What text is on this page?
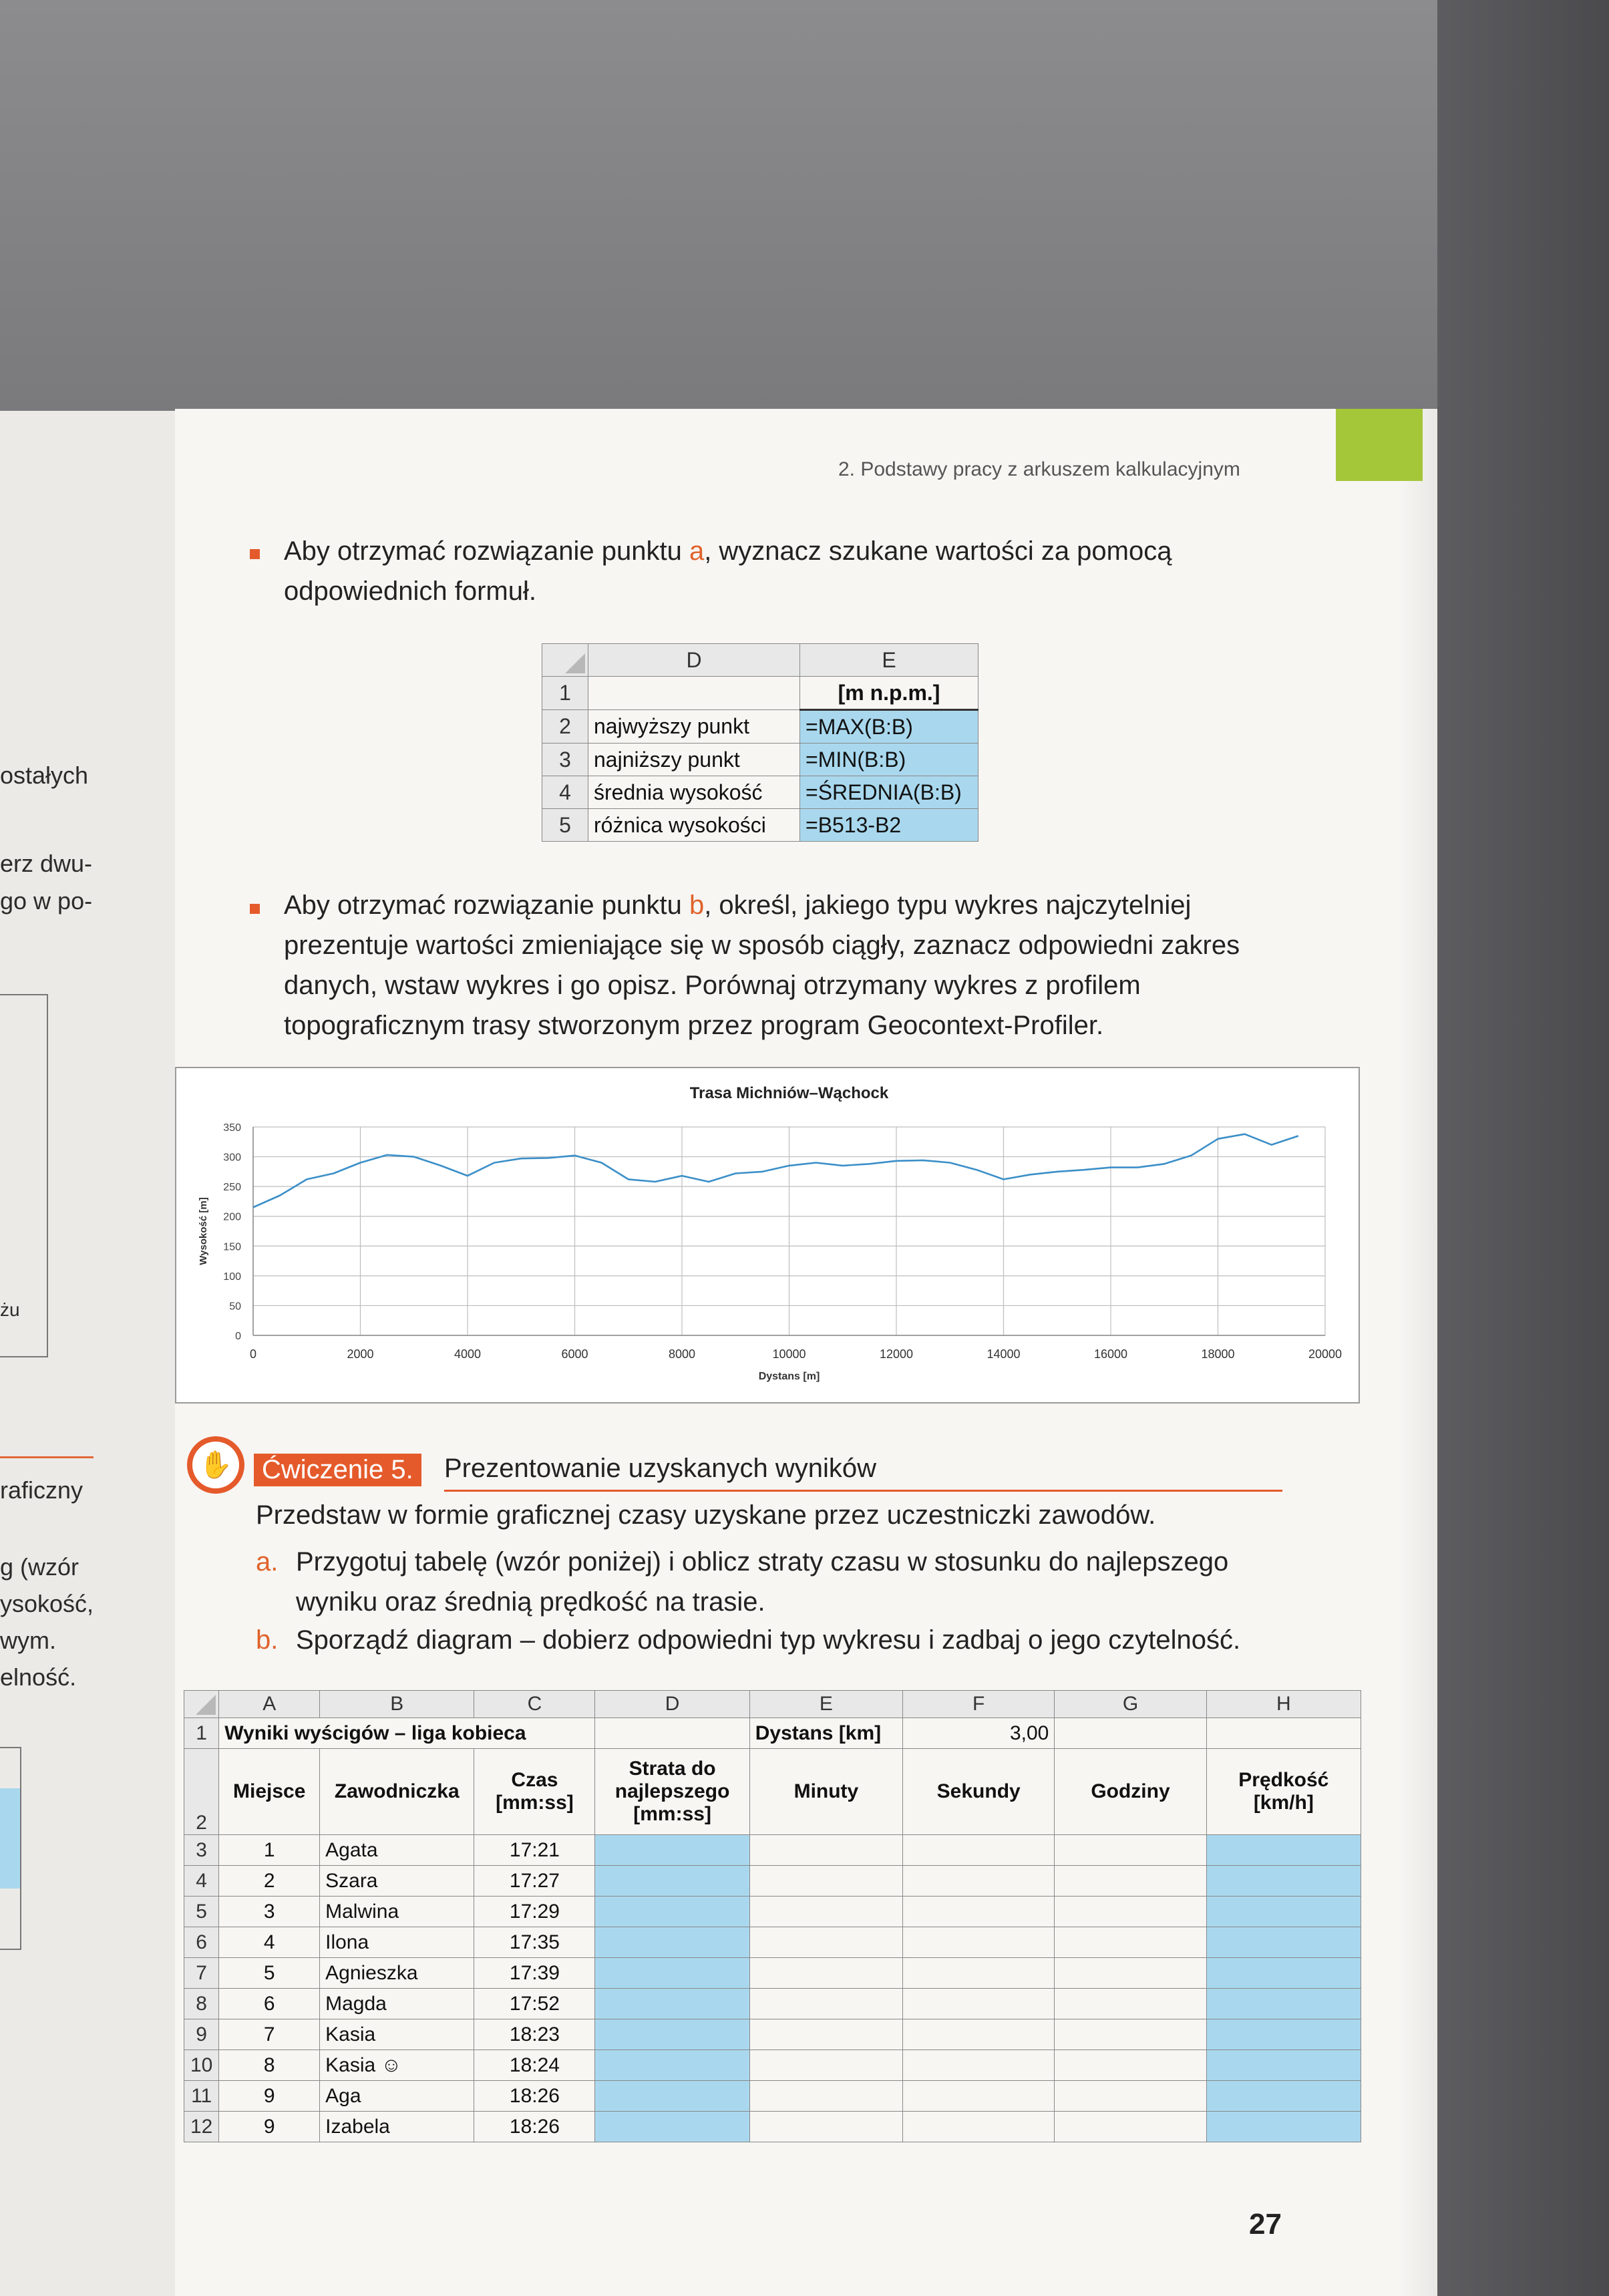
ostałych
erz dwu-
go w po-
żu
raficzny
g (wzór
ysokość,
wym.
elność.
2. Podstawy pracy z arkuszem kalkulacyjnym
Aby otrzymać rozwiązanie punktu a, wyznacz szukane wartości za pomocą odpowiednich formuł.
	D	E
1		[m n.p.m.]
2	najwyższy punkt	=MAX(B:B)
3	najniższy punkt	=MIN(B:B)
4	średnia wysokość	=ŚREDNIA(B:B)
5	różnica wysokości	=B513-B2
Aby otrzymać rozwiązanie punktu b, określ, jakiego typu wykres najczytelniej prezentuje wartości zmieniające się w sposób ciągły, zaznacz odpowiedni zakres danych, wstaw wykres i go opisz. Porównaj otrzymany wykres z profilem topograficznym trasy stworzonym przez program Geocontext-Profiler.
Trasa Michniów–Wąchock
0
50
100
150
200
250
300
350
0	2000	4000	6000	8000	10000	12000	14000	16000	18000	20000
Dystans [m]
Wysokość [m]
✋	Ćwiczenie 5.	Prezentowanie uzyskanych wyników
Przedstaw w formie graficznej czasy uzyskane przez uczestniczki zawodów.
a. Przygotuj tabelę (wzór poniżej) i oblicz straty czasu w stosunku do najlepszego wyniku oraz średnią prędkość na trasie.
b. Sporządź diagram – dobierz odpowiedni typ wykresu i zadbaj o jego czytelność.
	A	B	C	D	E	F	G	H
1	Wyniki wyścigów – liga kobieca				Dystans [km]	3,00		
2	Miejsce	Zawodniczka	Czas [mm:ss]	Strata do najlepszego [mm:ss]	Minuty	Sekundy	Godziny	Prędkość [km/h]
3	1	Agata	17:21					
4	2	Szara	17:27					
5	3	Malwina	17:29					
6	4	Ilona	17:35					
7	5	Agnieszka	17:39					
8	6	Magda	17:52					
9	7	Kasia	18:23					
10	8	Kasia ☺	18:24					
11	9	Aga	18:26					
12	9	Izabela	18:26					
27
